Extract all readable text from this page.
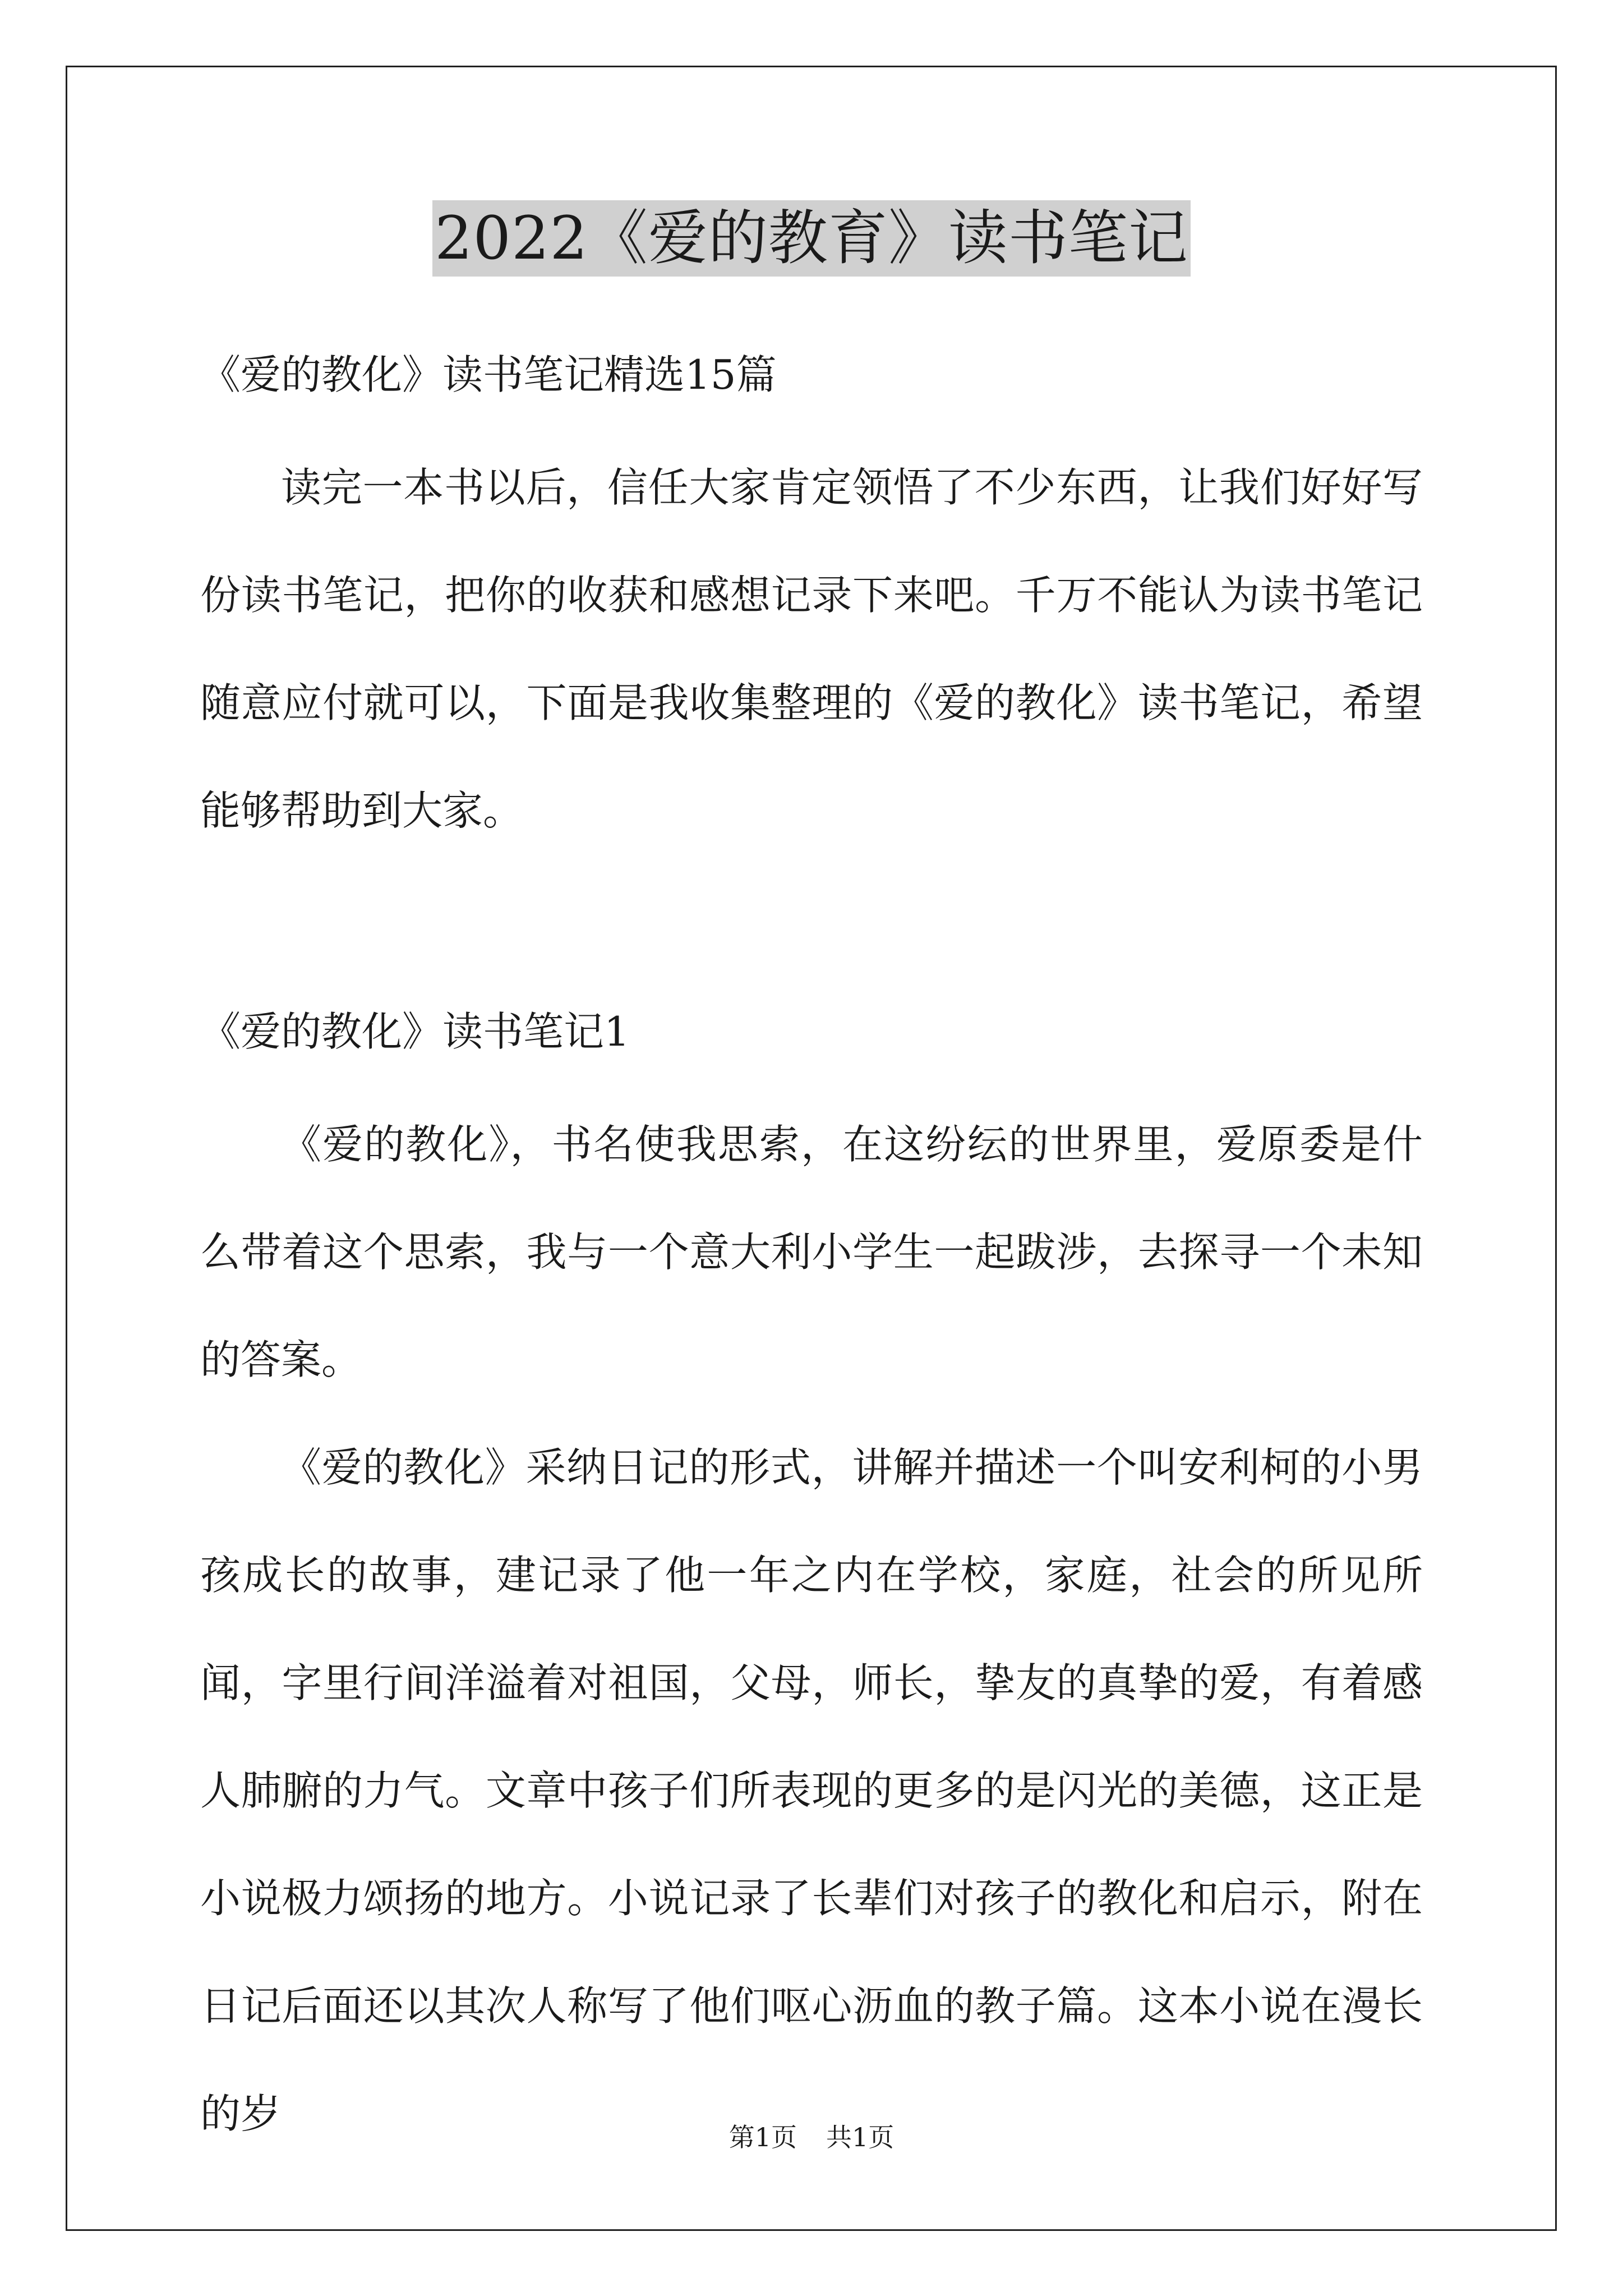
2022《爱的教育》读书笔记
《爱的教化》读书笔记精选15篇

读完一本书以后，信任大家肯定领悟了不少东西，让我们好好写份读书笔记，把你的收获和感想记录下来吧。千万不能认为读书笔记随意应付就可以，下面是我收集整理的《爱的教化》读书笔记，希望能够帮助到大家。

《爱的教化》读书笔记1

《爱的教化》，书名使我思索，在这纷纭的世界里，爱原委是什么带着这个思索，我与一个意大利小学生一起跋涉，去探寻一个未知的答案。

《爱的教化》采纳日记的形式，讲解并描述一个叫安利柯的小男孩成长的故事，建记录了他一年之内在学校，家庭，社会的所见所闻，字里行间洋溢着对祖国，父母，师长，挚友的真挚的爱，有着感人肺腑的力气。文章中孩子们所表现的更多的是闪光的美德，这正是小说极力颂扬的地方。小说记录了长辈们对孩子的教化和启示，附在日记后面还以其次人称写了他们呕心沥血的教子篇。这本小说在漫长的岁	第1页 共1页
